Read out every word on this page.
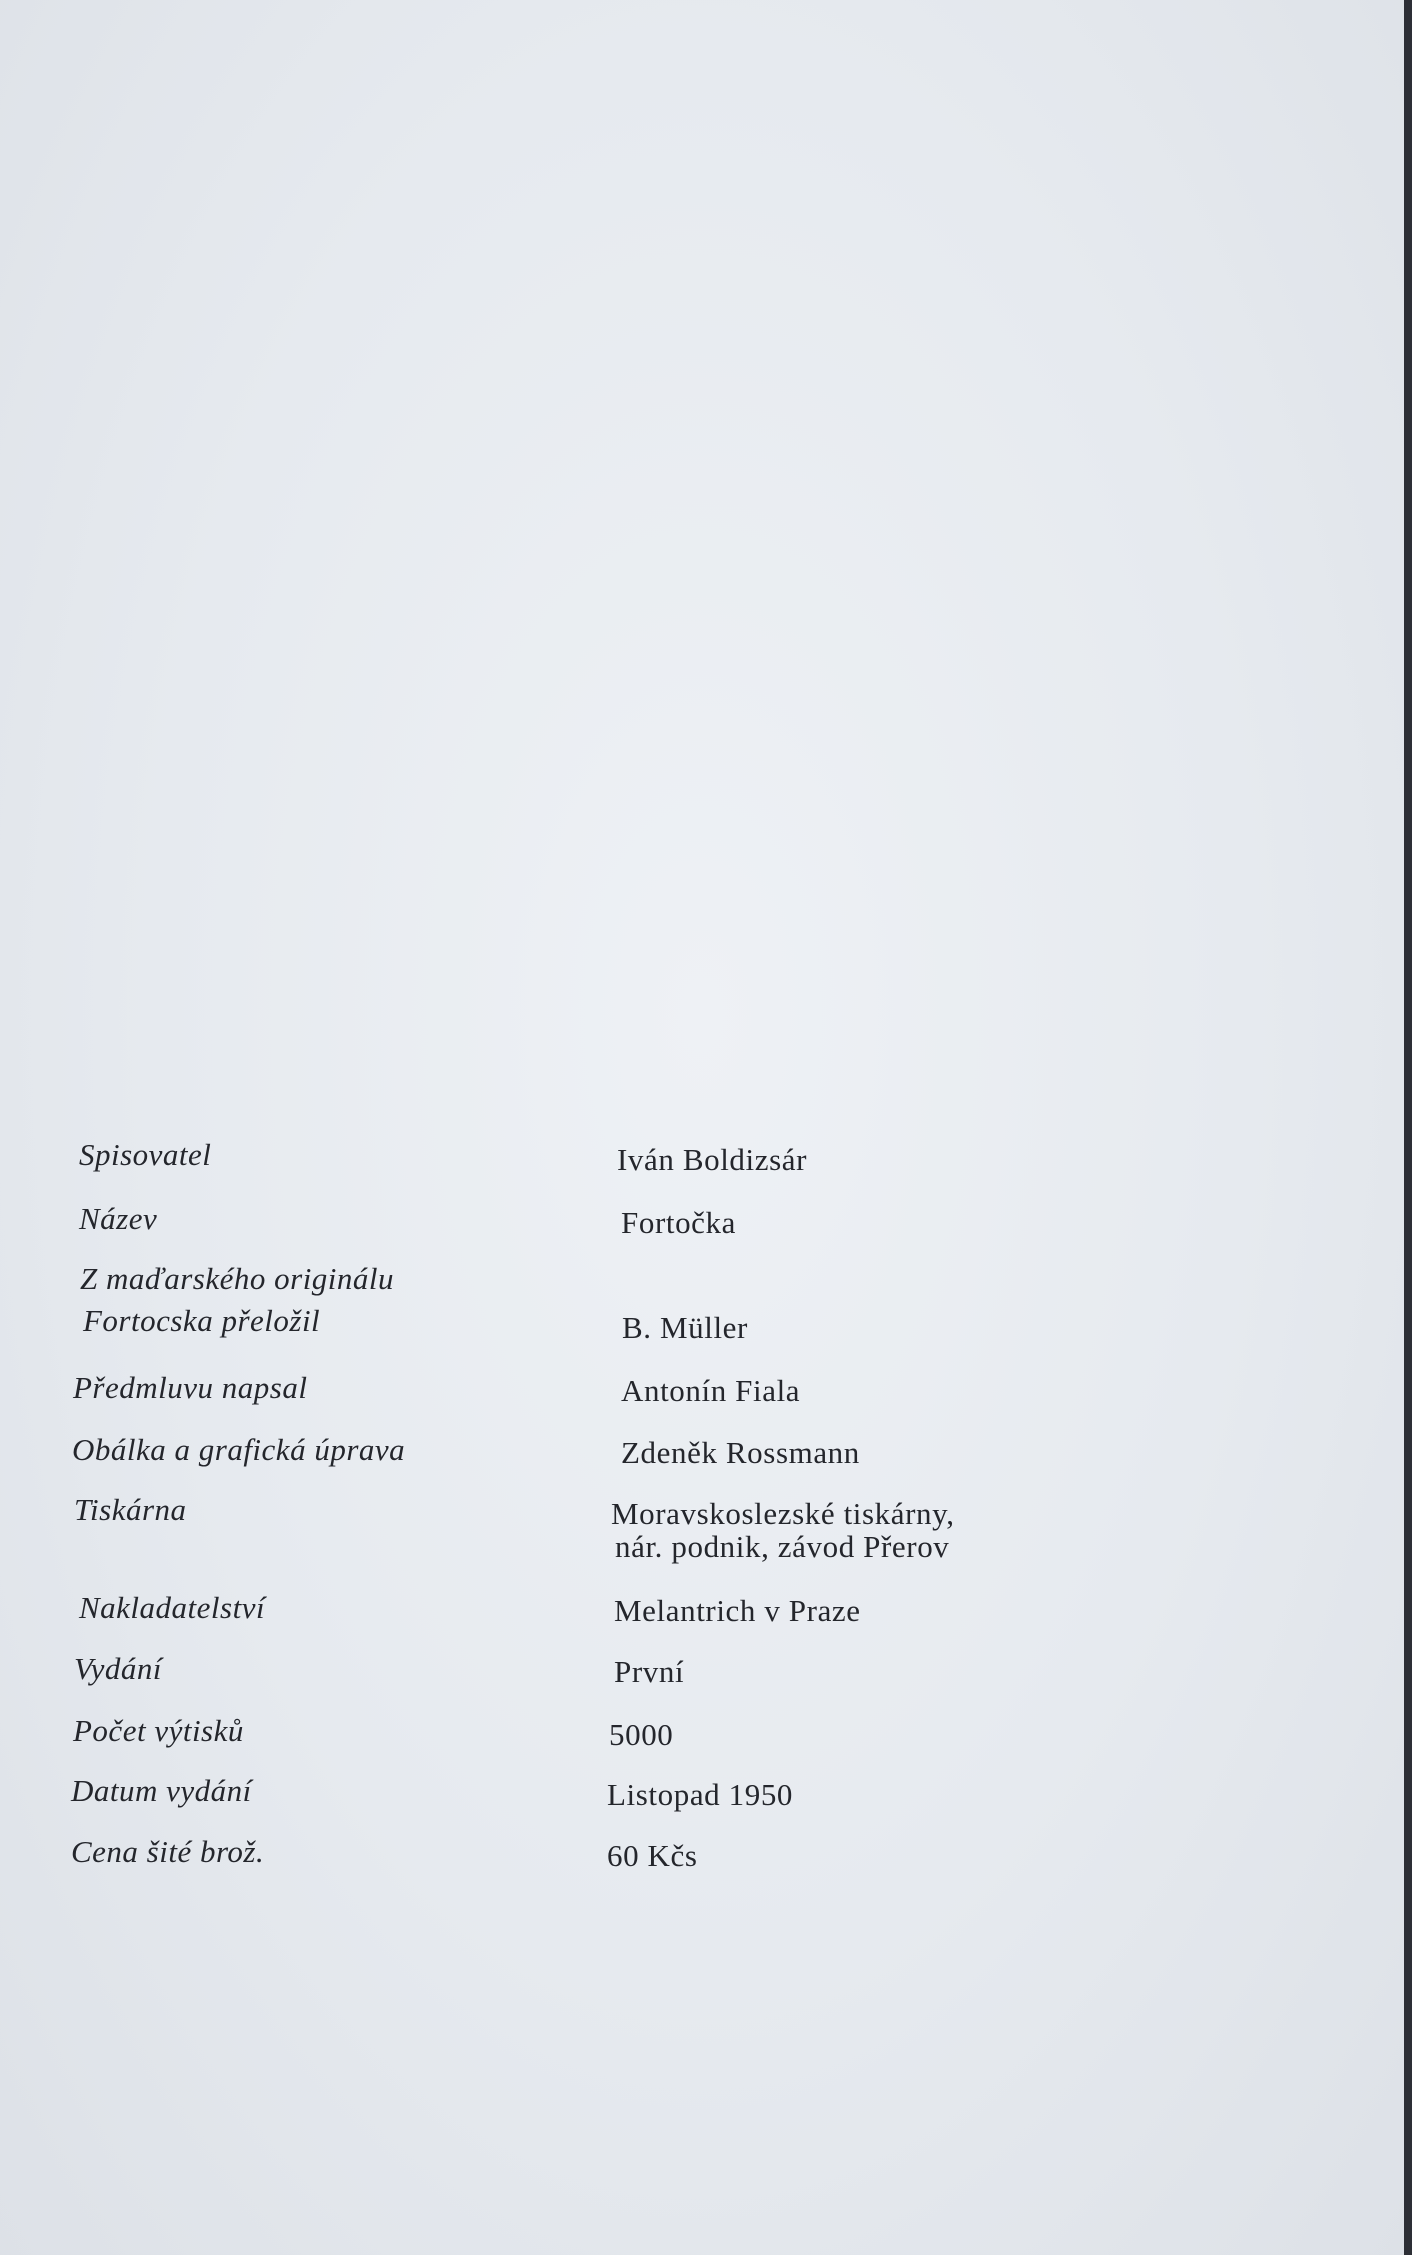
Spisovatel	Iván Boldizsár
Název	Fortočka
Z maďarského originálu
Fortocska přeložil	B. Müller
Předmluvu napsal	Antonín Fiala
Obálka a grafická úprava	Zdeněk Rossmann
Tiskárna	Moravskoslezské tiskárny,
nár. podnik, závod Přerov
Nakladatelství	Melantrich v Praze
Vydání	První
Počet výtisků	5000
Datum vydání	Listopad 1950
Cena šité brož.	60 Kčs
